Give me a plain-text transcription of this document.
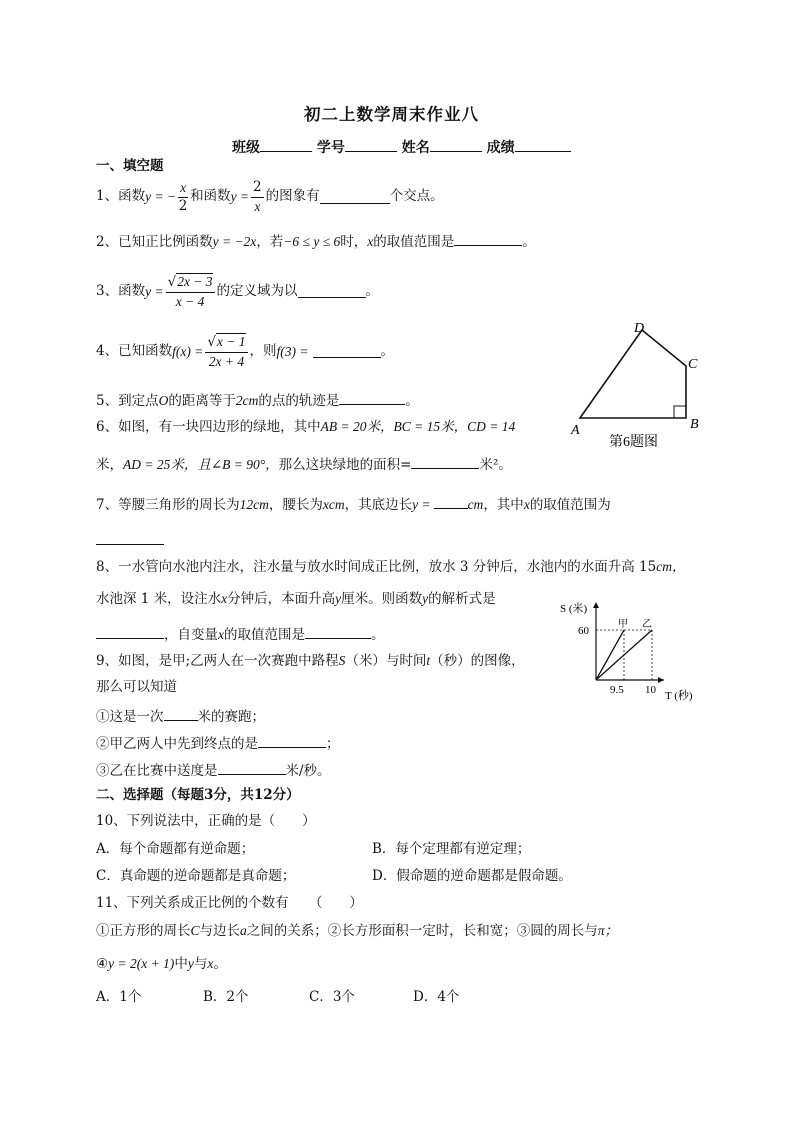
初二上数学周末作业八
班级	学号	姓名	成绩
一、填空题
1、函数 y = − $\frac{x}{2}$ 和函数 $y = \frac{2}{x}$ 的图象有	个交点。
2、已知正比例函数y = −2x，若−6 ≤ y ≤ 6时，x的取值范围是	。
3、函数 $y = \frac{√2x - 3}{x - 4}$ 的定义域为以	。
4、已知函数 $f(x) = \frac{√x - 1}{2x + 4}$ ，则 f(3) =	。
5、到定点O的距离等于2cm的点的轨迹是	。
6、如图，有一块四边形的绿地，其中AB = 20米，BC = 15米，CD = 14
米，AD = 25米，且∠B = 90°，那么这块绿地的面积=	米²。
A	B
C
D
第6题图
7、等腰三角形的周长为12cm，腰长为xcm，其底边长y =	cm，其中x的取值范围为
8、一水管向水池内注水，注水量与放水时间成正比例，放水 3 分钟后，水池内的水面升高 15cm，
水池深 1 米，设注水x分钟后，本面升高y厘米。则函数y的解析式是
，自变量x的取值范围是	。
S (米)
60
甲 乙
9.5 10 T (秒)
9、如图，是甲;乙两人在一次赛跑中路程S（米）与时间t（秒）的图像，
那么可以知道
①这是一次	米的赛跑；
②甲乙两人中先到终点的是	；
③乙在比赛中送度是	米/秒。
二、选择题（每题3分，共12分）
10、下列说法中，正确的是（　　）
A．每个命题都有逆命题；	B．每个定理都有逆定理；
C．真命题的逆命题都是真命题；	D．假命题的逆命题都是假命题。
11、下列关系成正比例的个数有　　（　　）
①正方形的周长C与边长a之间的关系；②长方形面积一定时，长和宽；③圆的周长与π；
④y = 2(x + 1)中y与x。
A．1个	B．2个	C．3个	D．4个
